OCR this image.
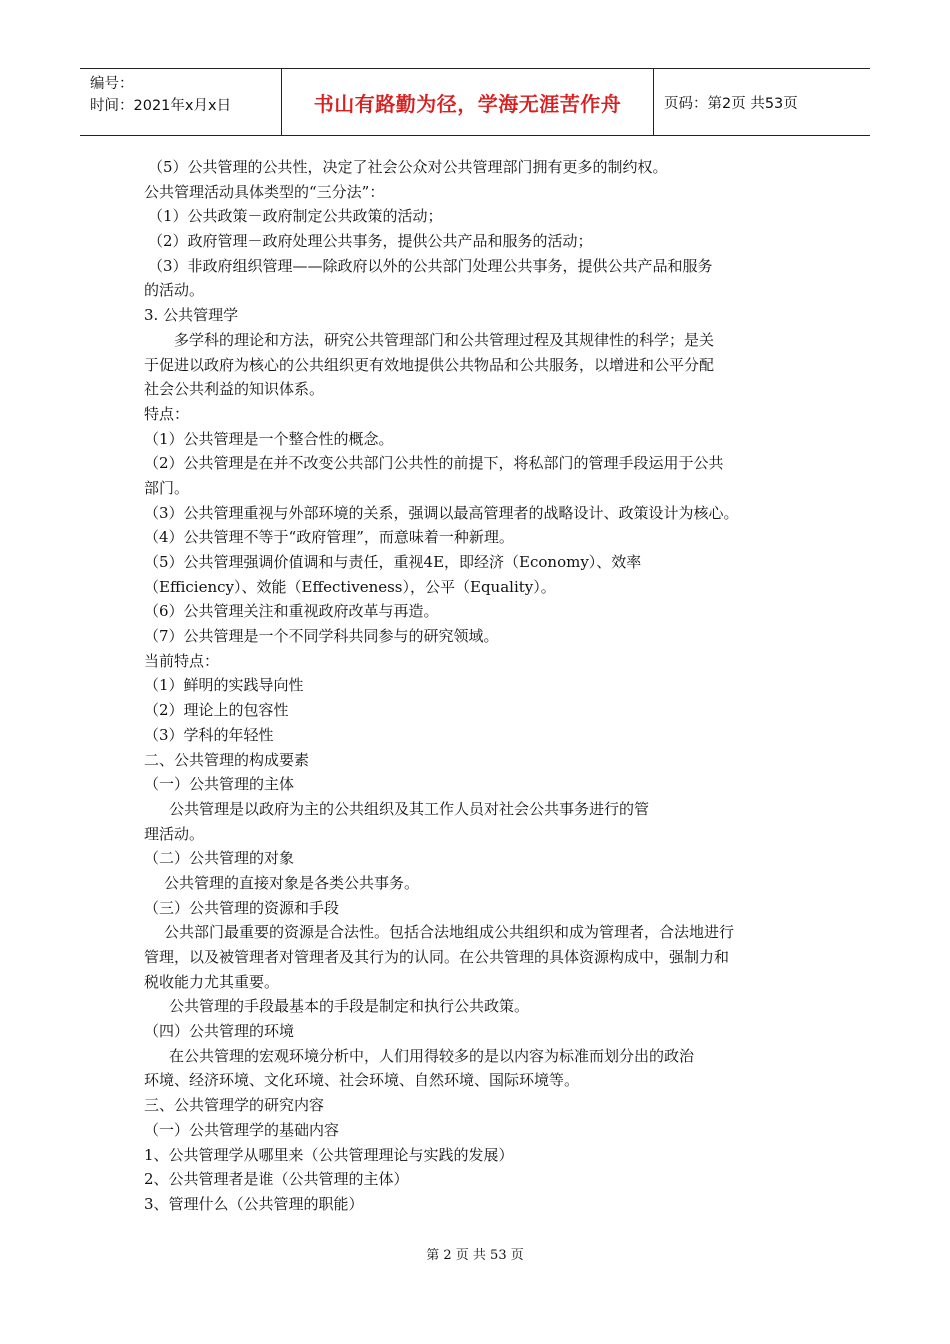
编号：
时间：2021年x月x日	书山有路勤为径，学海无涯苦作舟	页码：第2页 共53页
（5）公共管理的公共性，决定了社会公众对公共管理部门拥有更多的制约权。
公共管理活动具体类型的“三分法”：
（1）公共政策－政府制定公共政策的活动；
（2）政府管理－政府处理公共事务，提供公共产品和服务的活动；
（3）非政府组织管理——除政府以外的公共部门处理公共事务，提供公共产品和服务
的活动。
3. 公共管理学
多学科的理论和方法，研究公共管理部门和公共管理过程及其规律性的科学；是关
于促进以政府为核心的公共组织更有效地提供公共物品和公共服务，以增进和公平分配
社会公共利益的知识体系。
特点：
（1）公共管理是一个整合性的概念。
（2）公共管理是在并不改变公共部门公共性的前提下，将私部门的管理手段运用于公共
部门。
（3）公共管理重视与外部环境的关系，强调以最高管理者的战略设计、政策设计为核心。
（4）公共管理不等于“政府管理”，而意味着一种新理。
（5）公共管理强调价值调和与责任，重视4E，即经济（Economy）、效率
（Efficiency）、效能（Effectiveness），公平（Equality）。
（6）公共管理关注和重视政府改革与再造。
（7）公共管理是一个不同学科共同参与的研究领域。
当前特点：
（1）鲜明的实践导向性
（2）理论上的包容性
（3）学科的年轻性
二、公共管理的构成要素
（一）公共管理的主体
公共管理是以政府为主的公共组织及其工作人员对社会公共事务进行的管
理活动。
（二）公共管理的对象
公共管理的直接对象是各类公共事务。
（三）公共管理的资源和手段
公共部门最重要的资源是合法性。包括合法地组成公共组织和成为管理者，合法地进行
管理，以及被管理者对管理者及其行为的认同。在公共管理的具体资源构成中，强制力和
税收能力尤其重要。
公共管理的手段最基本的手段是制定和执行公共政策。
（四）公共管理的环境
在公共管理的宏观环境分析中，人们用得较多的是以内容为标准而划分出的政治
环境、经济环境、文化环境、社会环境、自然环境、国际环境等。
三、公共管理学的研究内容
（一）公共管理学的基础内容
1、公共管理学从哪里来（公共管理理论与实践的发展）
2、公共管理者是谁（公共管理的主体）
3、管理什么（公共管理的职能）
第 2 页 共 53 页
